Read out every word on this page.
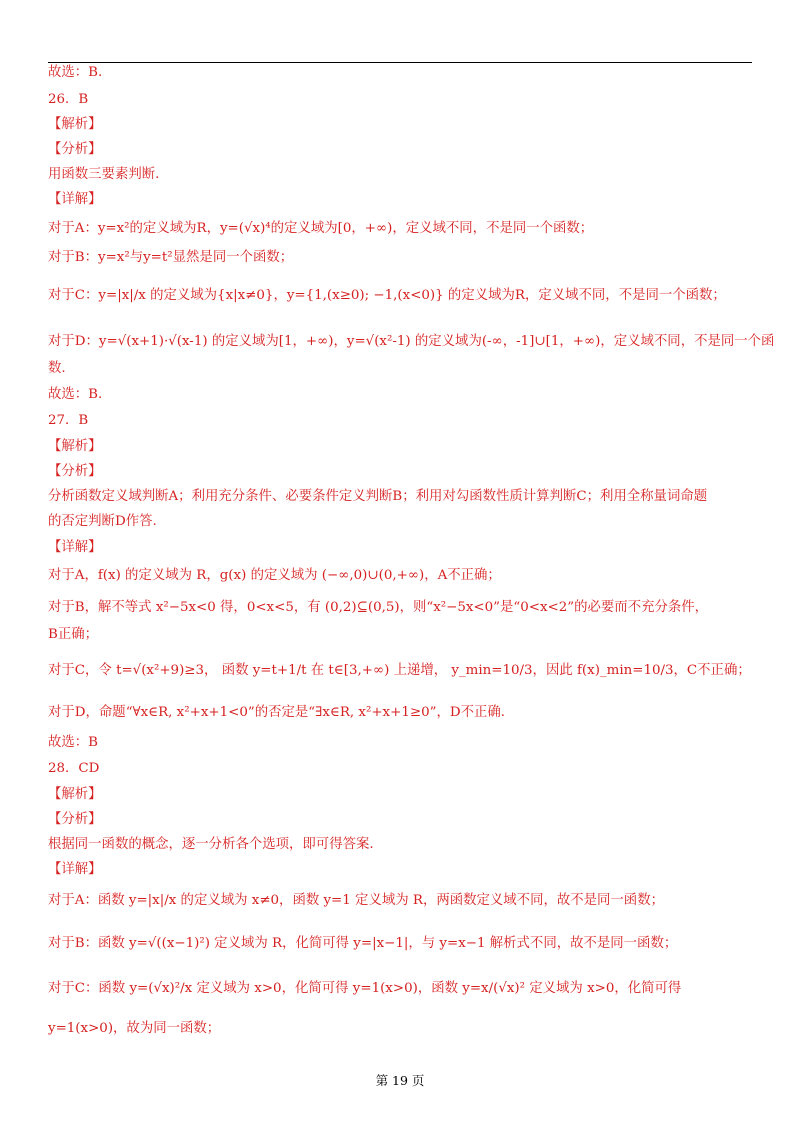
故选：B.
26．B
【解析】
【分析】
用函数三要素判断.
【详解】
对于A：y=x²的定义域为R，y=(√x)⁴的定义域为[0，+∞)，定义域不同，不是同一个函数；
对于B：y=x²与y=t²显然是同一个函数；
对于C：y=|x|/x 的定义域为{x|x≠0}，y={1,(x≥0); −1,(x<0)} 的定义域为R，定义域不同，不是同一个函数；
对于D：y=√(x+1)·√(x-1) 的定义域为[1，+∞)，y=√(x²-1) 的定义域为(-∞，-1]∪[1，+∞)，定义域不同，不是同一个函
数.
故选：B.
27．B
【解析】
【分析】
分析函数定义域判断A；利用充分条件、必要条件定义判断B；利用对勾函数性质计算判断C；利用全称量词命题
的否定判断D作答.
【详解】
对于A，f(x) 的定义域为 R，g(x) 的定义域为 (−∞,0)∪(0,+∞)，A不正确；
对于B，解不等式 x²−5x<0 得，0<x<5，有 (0,2)⊆(0,5)，则“x²−5x<0”是“0<x<2”的必要而不充分条件，
B正确；
对于C，令 t=√(x²+9)≥3， 函数 y=t+1/t 在 t∈[3,+∞) 上递增， y_min=10/3，因此 f(x)_min=10/3，C不正确；
对于D，命题“∀x∈R, x²+x+1<0”的否定是“∃x∈R, x²+x+1≥0”，D不正确.
故选：B
28．CD
【解析】
【分析】
根据同一函数的概念，逐一分析各个选项，即可得答案.
【详解】
对于A：函数 y=|x|/x 的定义域为 x≠0，函数 y=1 定义域为 R，两函数定义域不同，故不是同一函数；
对于B：函数 y=√((x−1)²) 定义域为 R，化简可得 y=|x−1|，与 y=x−1 解析式不同，故不是同一函数；
对于C：函数 y=(√x)²/x 定义域为 x>0，化简可得 y=1(x>0)，函数 y=x/(√x)² 定义域为 x>0，化简可得
y=1(x>0)，故为同一函数；
第 19 页
